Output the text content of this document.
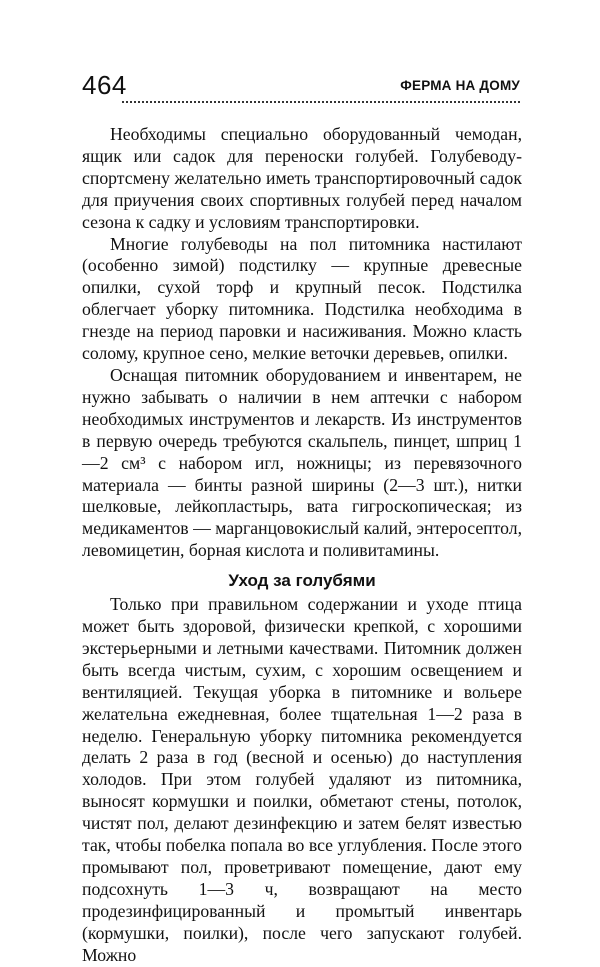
464	ФЕРМА НА ДОМУ

Необходимы специально оборудованный чемодан, ящик или садок для переноски голубей. Голубеводу-спортсмену желательно иметь транспортировочный садок для приучения своих спортивных голубей перед началом сезона к садку и условиям транспортировки.

Многие голубеводы на пол питомника настилают (особенно зимой) подстилку — крупные древесные опилки, сухой торф и крупный песок. Подстилка облегчает уборку питомника. Подстилка необходима в гнезде на период паровки и насиживания. Можно класть солому, крупное сено, мелкие веточки деревьев, опилки.

Оснащая питомник оборудованием и инвентарем, не нужно забывать о наличии в нем аптечки с набором необходимых инструментов и лекарств. Из инструментов в первую очередь требуются скальпель, пинцет, шприц 1—2 см³ с набором игл, ножницы; из перевязочного материала — бинты разной ширины (2—3 шт.), нитки шелковые, лейкопластырь, вата гигроскопическая; из медикаментов — марганцовокислый калий, энтеросептол, левомицетин, борная кислота и поливитамины.

Уход за голубями

Только при правильном содержании и уходе птица может быть здоровой, физически крепкой, с хорошими экстерьерными и летными качествами. Питомник должен быть всегда чистым, сухим, с хорошим освещением и вентиляцией. Текущая уборка в питомнике и вольере желательна ежедневная, более тщательная 1—2 раза в неделю. Генеральную уборку питомника рекомендуется делать 2 раза в год (весной и осенью) до наступления холодов. При этом голубей удаляют из питомника, выносят кормушки и поилки, обметают стены, потолок, чистят пол, делают дезинфекцию и затем белят известью так, чтобы побелка попала во все углубления. После этого промывают пол, проветривают помещение, дают ему подсохнуть 1—3 ч, возвращают на место продезинфицированный и промытый инвентарь (кормушки, поилки), после чего запускают голубей. Можно
